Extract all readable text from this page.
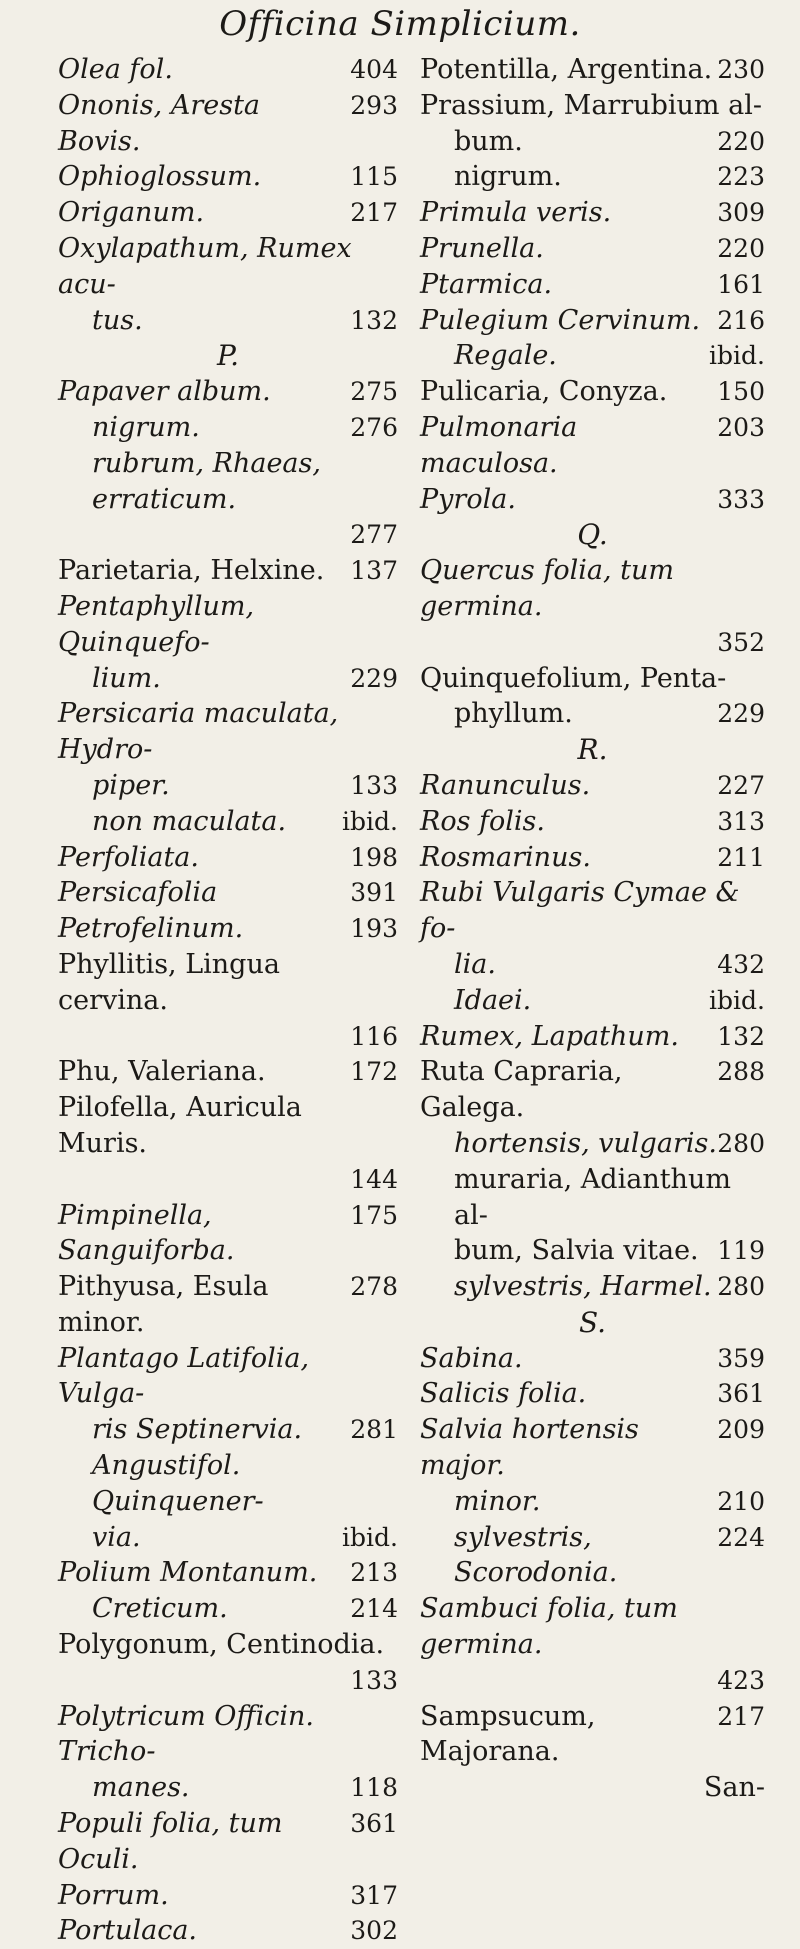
Officina Simplicium.
404
Olea fol.
293
Ononis, Aresta Bovis.
115
Ophioglossum.
217
Origanum.
Oxylapathum, Rumex acu-
132
tus.
P.
275
Papaver album.
276
nigrum.
rubrum, Rhaeas, erraticum.
277
137
Parietaria, Helxine.
Pentaphyllum, Quinquefo-
229
lium.
Persicaria maculata, Hydro-
133
piper.
ibid.
non maculata.
198
Perfoliata.
391
Persicafolia
193
Petrofelinum.
Phyllitis, Lingua cervina.
116
172
Phu, Valeriana.
Pilofella, Auricula Muris.
144
175
Pimpinella, Sanguiforba.
278
Pithyusa, Esula minor.
Plantago Latifolia, Vulga-
281
ris Septinervia.
Angustifol. Quinquener-
ibid.
via.
213
Polium Montanum.
214
Creticum.
Polygonum, Centinodia.
133
Polytricum Officin. Tricho-
118
manes.
361
Populi folia, tum Oculi.
317
Porrum.
302
Portulaca.
230
Potentilla, Argentina.
Prassium, Marrubium al-
220
bum.
223
nigrum.
309
Primula veris.
220
Prunella.
161
Ptarmica.
216
Pulegium Cervinum.
ibid.
Regale.
150
Pulicaria, Conyza.
203
Pulmonaria maculosa.
333
Pyrola.
Q.
Quercus folia, tum germina.
352
Quinquefolium, Penta-
229
phyllum.
R.
227
Ranunculus.
313
Ros folis.
211
Rosmarinus.
Rubi Vulgaris Cymae & fo-
432
lia.
ibid.
Idaei.
132
Rumex, Lapathum.
288
Ruta Capraria, Galega.
280
hortensis, vulgaris.
muraria, Adianthum al-
119
bum, Salvia vitae.
280
sylvestris, Harmel.
S.
359
Sabina.
361
Salicis folia.
209
Salvia hortensis major.
210
minor.
224
sylvestris, Scorodonia.
Sambuci folia, tum germina.
423
217
Sampsucum, Majorana.
San-
